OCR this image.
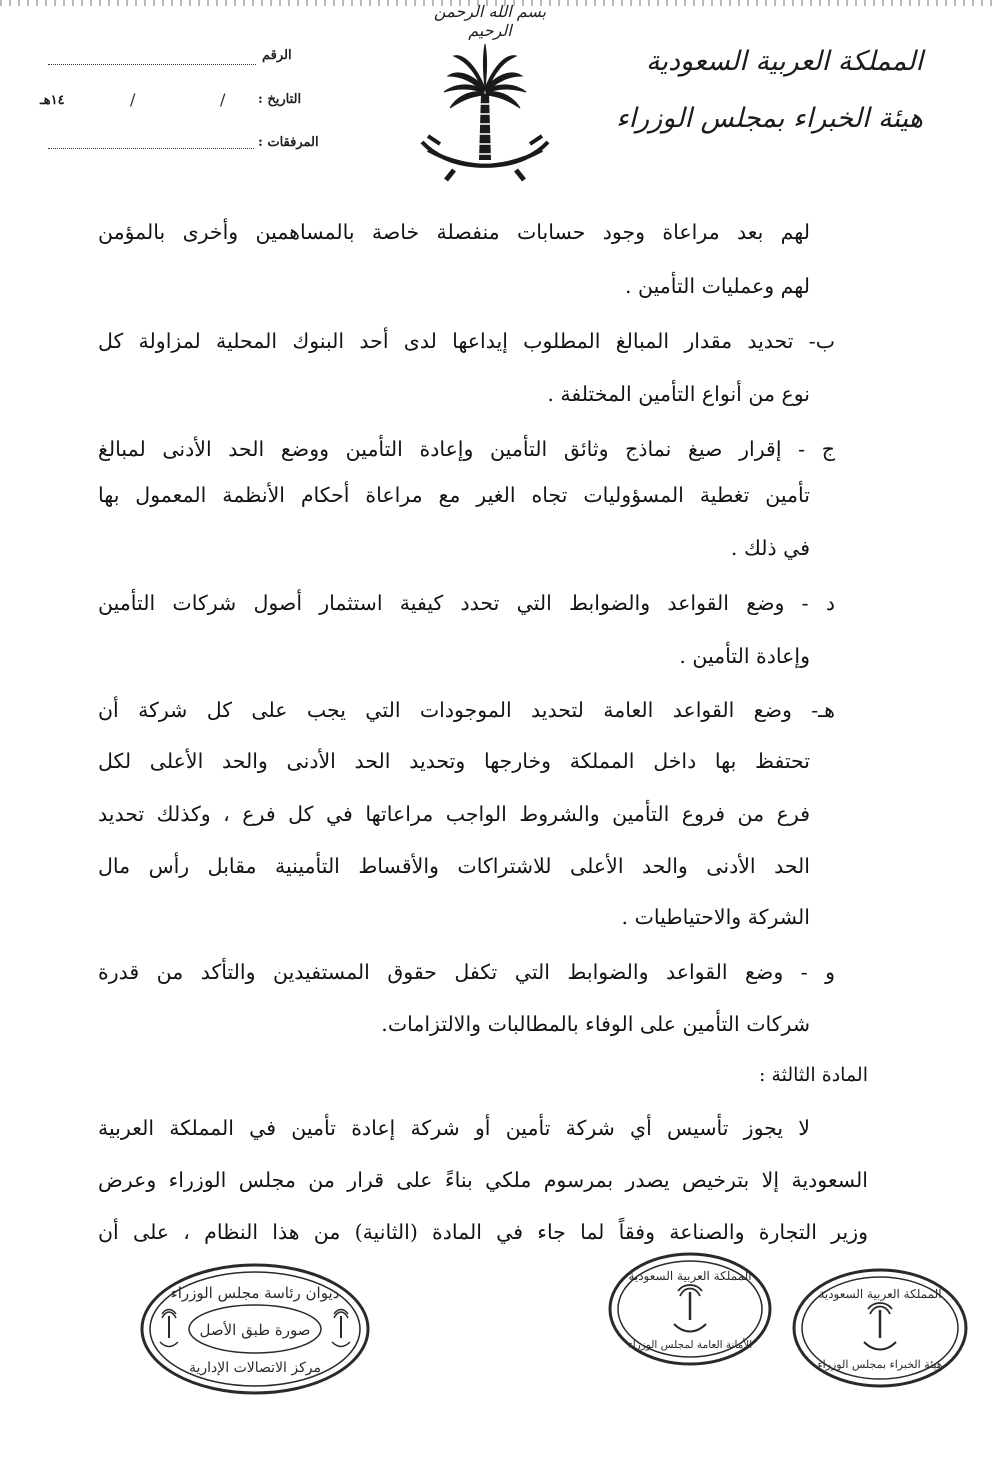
بسم الله الرحمن الرحيم
الرقم
التاريخ :
١٤هـ	/	/
المرفقات :
المملكة العربية السعودية
هيئة الخبراء بمجلس الوزراء
لهم بعد مراعاة وجود حسابات منفصلة خاصة بالمساهمين وأخرى بالمؤمن
لهم وعمليات التأمين .
ب- تحديد مقدار المبالغ المطلوب إيداعها لدى أحد البنوك المحلية لمزاولة كل
نوع من أنواع التأمين المختلفة .
ج - إقرار صيغ نماذج وثائق التأمين وإعادة التأمين ووضع الحد الأدنى لمبالغ
تأمين تغطية المسؤوليات تجاه الغير مع مراعاة أحكام الأنظمة المعمول بها
في ذلك .
د - وضع القواعد والضوابط التي تحدد كيفية استثمار أصول شركات التأمين
وإعادة التأمين .
هـ- وضع القواعد العامة لتحديد الموجودات التي يجب على كل شركة أن
تحتفظ بها داخل المملكة وخارجها وتحديد الحد الأدنى والحد الأعلى لكل
فرع من فروع التأمين والشروط الواجب مراعاتها في كل فرع ، وكذلك تحديد
الحد الأدنى والحد الأعلى للاشتراكات والأقساط التأمينية مقابل رأس مال
الشركة والاحتياطيات .
و - وضع القواعد والضوابط التي تكفل حقوق المستفيدين والتأكد من قدرة
شركات التأمين على الوفاء بالمطالبات والالتزامات.
المادة الثالثة :
لا يجوز تأسيس أي شركة تأمين أو شركة إعادة تأمين في المملكة العربية
السعودية إلا بترخيص يصدر بمرسوم ملكي بناءً على قرار من مجلس الوزراء وعرض
وزير التجارة والصناعة وفقاً لما جاء في المادة (الثانية) من هذا النظام ، على أن
ديوان رئاسة مجلس الوزراء
صورة طبق الأصل
مركز الاتصالات الإدارية
المملكة العربية السعودية
الأمانة العامة لمجلس الوزراء
المملكة العربية السعودية
هيئة الخبراء بمجلس الوزراء
